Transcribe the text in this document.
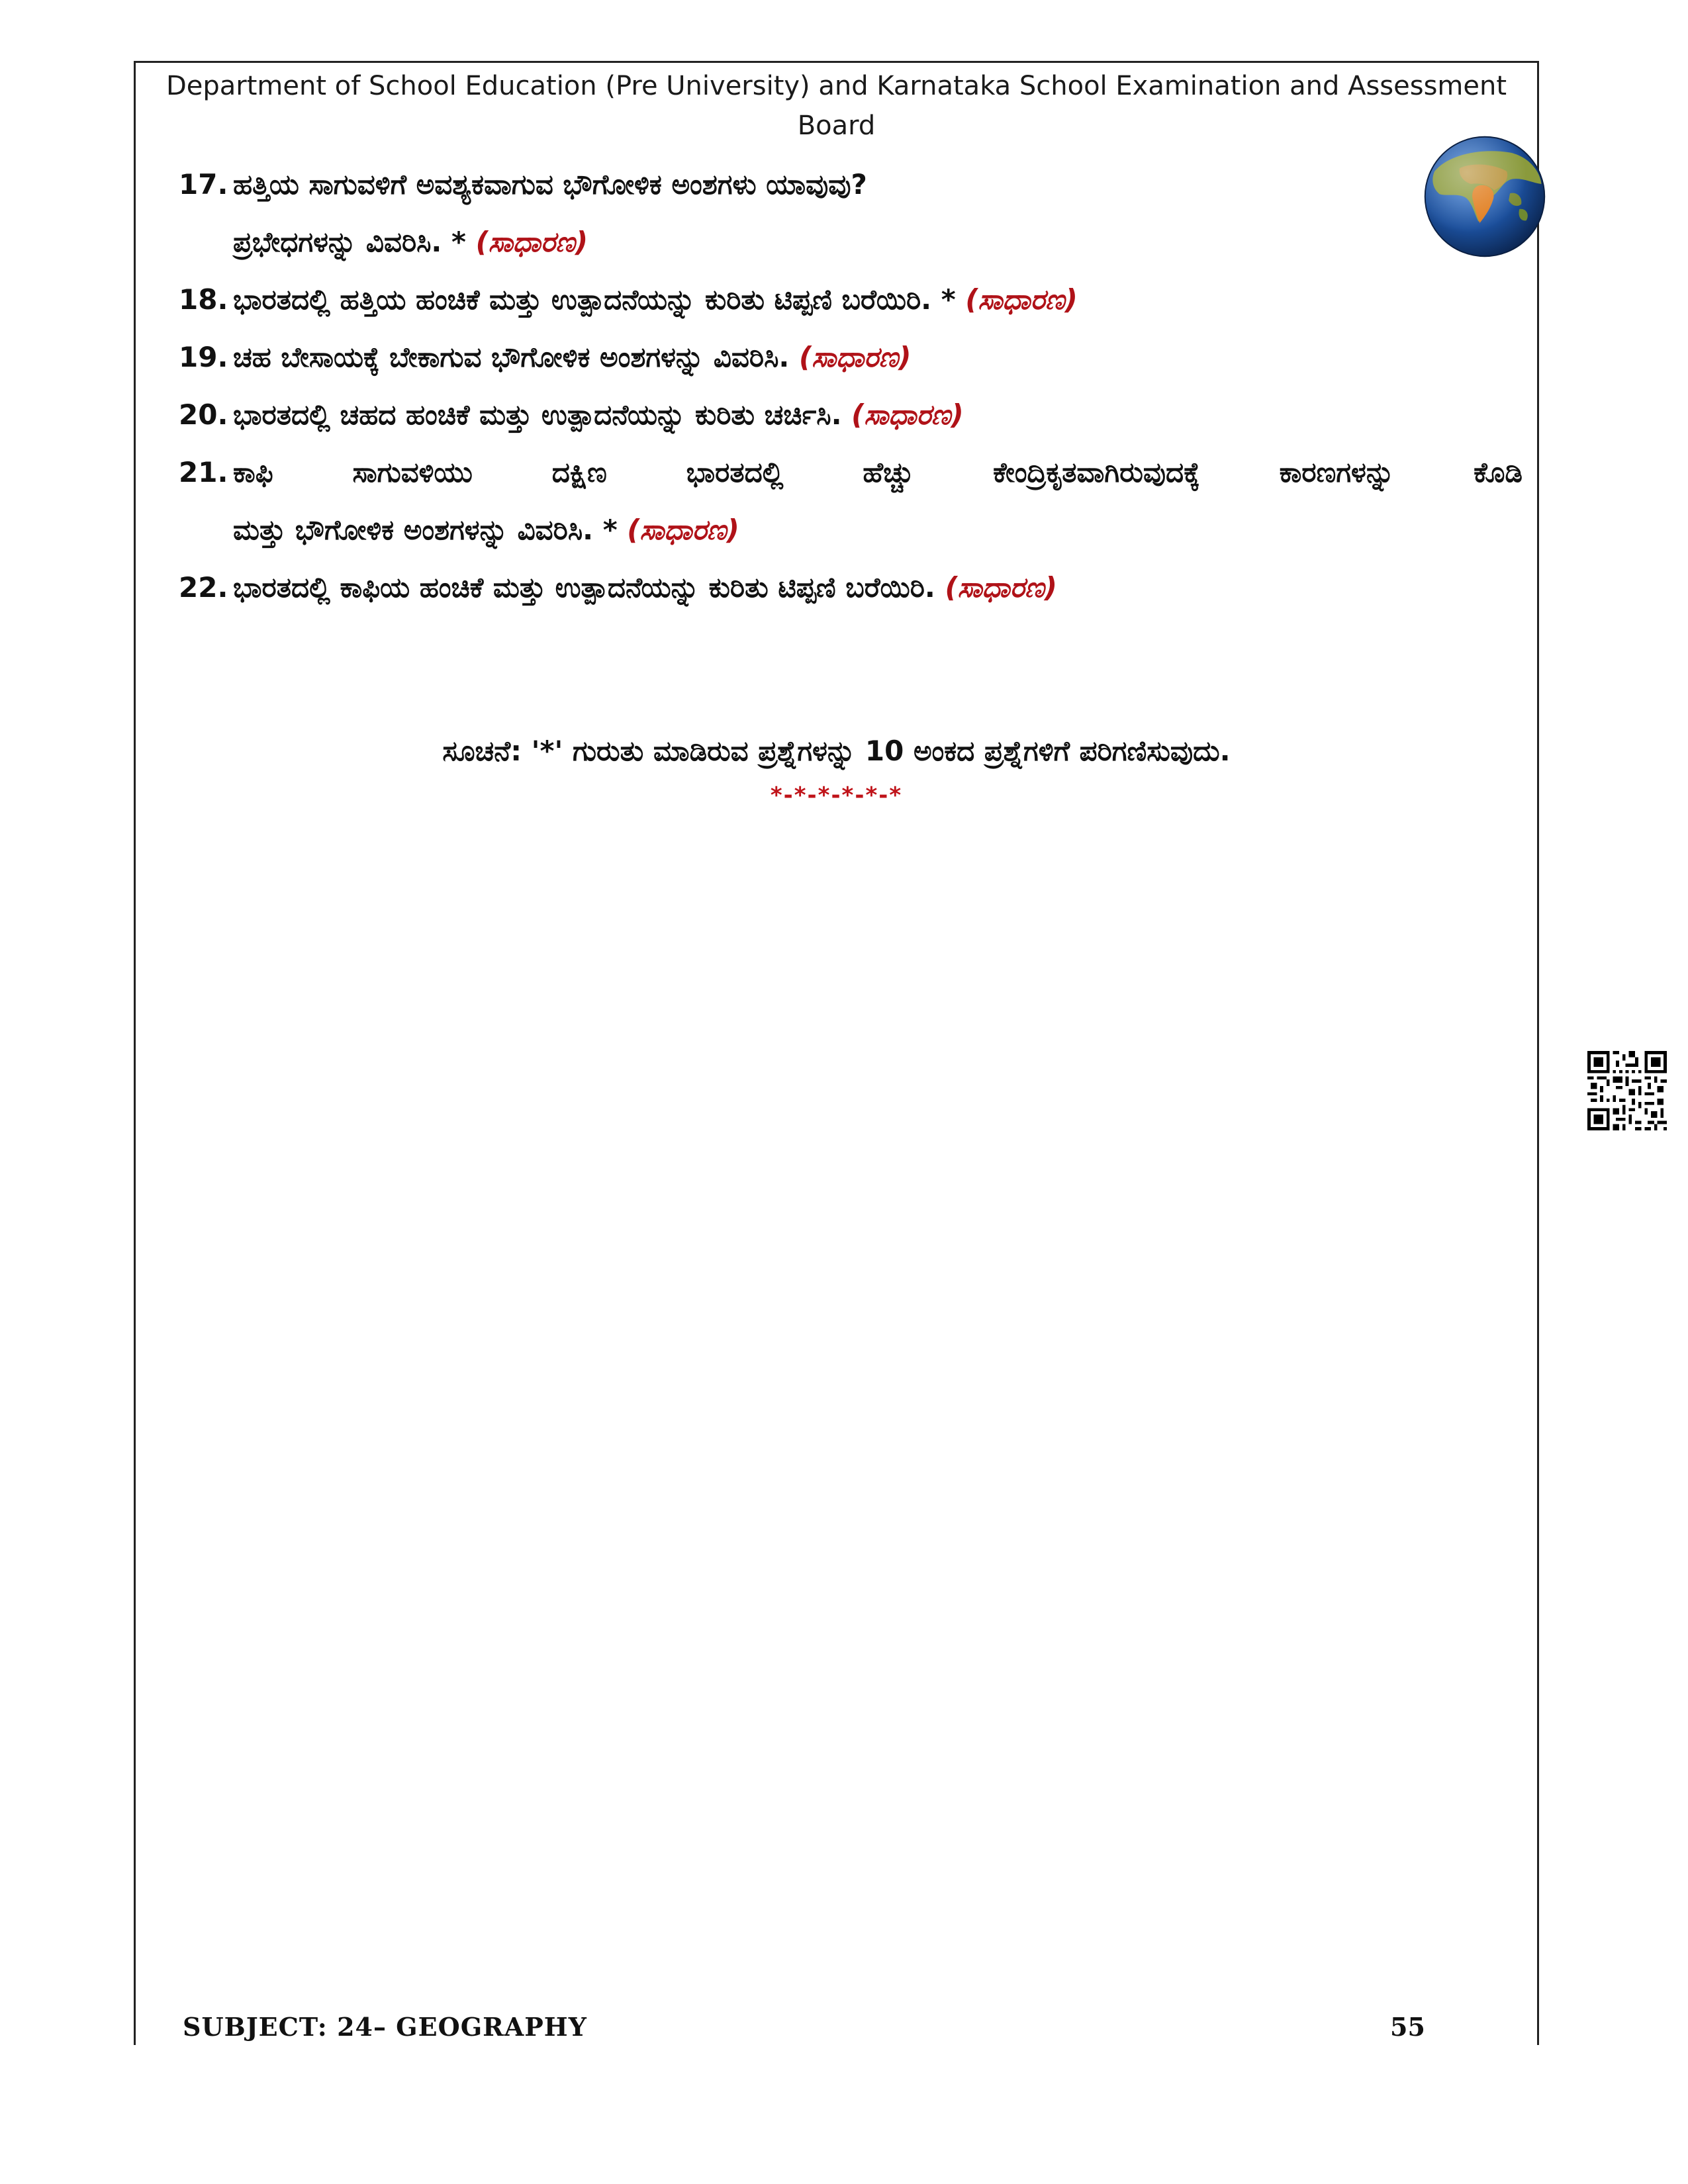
Department of School Education (Pre University) and Karnataka School Examination and Assessment Board
17. ಹತ್ತಿಯ ಸಾಗುವಳಿಗೆ ಅವಶ್ಯಕವಾಗುವ ಭೌಗೋಳಿಕ ಅಂಶಗಳು ಯಾವುವು?
ಪ್ರಭೇಧಗಳನ್ನು ವಿವರಿಸಿ. * (ಸಾಧಾರಣ)
18. ಭಾರತದಲ್ಲಿ ಹತ್ತಿಯ ಹಂಚಿಕೆ ಮತ್ತು ಉತ್ಪಾದನೆಯನ್ನು ಕುರಿತು ಟಿಪ್ಪಣಿ ಬರೆಯಿರಿ. * (ಸಾಧಾರಣ)
19. ಚಹ ಬೇಸಾಯಕ್ಕೆ ಬೇಕಾಗುವ ಭೌಗೋಳಿಕ ಅಂಶಗಳನ್ನು ವಿವರಿಸಿ. (ಸಾಧಾರಣ)
20. ಭಾರತದಲ್ಲಿ ಚಹದ ಹಂಚಿಕೆ ಮತ್ತು ಉತ್ಪಾದನೆಯನ್ನು ಕುರಿತು ಚರ್ಚಿಸಿ. (ಸಾಧಾರಣ)
21. ಕಾಫಿ	ಸಾಗುವಳಿಯು	ದಕ್ಷಿಣ	ಭಾರತದಲ್ಲಿ	ಹೆಚ್ಚು	ಕೇಂದ್ರಿಕೃತವಾಗಿರುವುದಕ್ಕೆ	ಕಾರಣಗಳನ್ನು	ಕೊಡಿ
ಮತ್ತು ಭೌಗೋಳಿಕ ಅಂಶಗಳನ್ನು ವಿವರಿಸಿ. * (ಸಾಧಾರಣ)
22. ಭಾರತದಲ್ಲಿ ಕಾಫಿಯ ಹಂಚಿಕೆ ಮತ್ತು ಉತ್ಪಾದನೆಯನ್ನು ಕುರಿತು ಟಿಪ್ಪಣಿ ಬರೆಯಿರಿ. (ಸಾಧಾರಣ)
ಸೂಚನೆ: '*' ಗುರುತು ಮಾಡಿರುವ ಪ್ರಶ್ನೆಗಳನ್ನು 10 ಅಂಕದ ಪ್ರಶ್ನೆಗಳಿಗೆ ಪರಿಗಣಿಸುವುದು.
*-*-*-*-*-*
SUBJECT: 24– GEOGRAPHY	55
